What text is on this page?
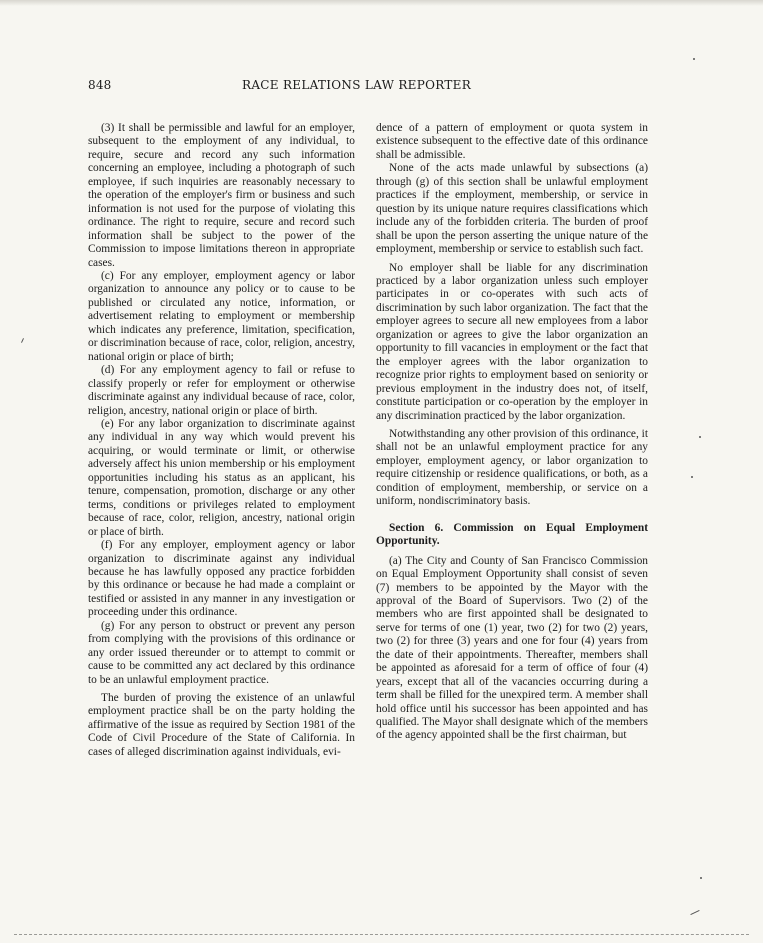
848	RACE RELATIONS LAW REPORTER

(3) It shall be permissible and lawful for an employer, subsequent to the employment of any individual, to require, secure and record any such information concerning an employee, including a photograph of such employee, if such inquiries are reasonably necessary to the operation of the employer's firm or business and such information is not used for the purpose of violating this ordinance. The right to require, secure and record such information shall be subject to the power of the Commission to impose limitations thereon in appropriate cases.

(c) For any employer, employment agency or labor organization to announce any policy or to cause to be published or circulated any notice, information, or advertisement relating to employment or membership which indicates any preference, limitation, specification, or discrimination because of race, color, religion, ancestry, national origin or place of birth;

(d) For any employment agency to fail or refuse to classify properly or refer for employment or otherwise discriminate against any individual because of race, color, religion, ancestry, national origin or place of birth.

(e) For any labor organization to discriminate against any individual in any way which would prevent his acquiring, or would terminate or limit, or otherwise adversely affect his union membership or his employment opportunities including his status as an applicant, his tenure, compensation, promotion, discharge or any other terms, conditions or privileges related to employment because of race, color, religion, ancestry, national origin or place of birth.

(f) For any employer, employment agency or labor organization to discriminate against any individual because he has lawfully opposed any practice forbidden by this ordinance or because he had made a complaint or testified or assisted in any manner in any investigation or proceeding under this ordinance.

(g) For any person to obstruct or prevent any person from complying with the provisions of this ordinance or any order issued thereunder or to attempt to commit or cause to be committed any act declared by this ordinance to be an unlawful employment practice.

The burden of proving the existence of an unlawful employment practice shall be on the party holding the affirmative of the issue as required by Section 1981 of the Code of Civil Procedure of the State of California. In cases of alleged discrimination against individuals, evi-

dence of a pattern of employment or quota system in existence subsequent to the effective date of this ordinance shall be admissible.

None of the acts made unlawful by subsections (a) through (g) of this section shall be unlawful employment practices if the employment, membership, or service in question by its unique nature requires classifications which include any of the forbidden criteria. The burden of proof shall be upon the person asserting the unique nature of the employment, membership or service to establish such fact.

No employer shall be liable for any discrimination practiced by a labor organization unless such employer participates in or co-operates with such acts of discrimination by such labor organization. The fact that the employer agrees to secure all new employees from a labor organization or agrees to give the labor organization an opportunity to fill vacancies in employment or the fact that the employer agrees with the labor organization to recognize prior rights to employment based on seniority or previous employment in the industry does not, of itself, constitute participation or co-operation by the employer in any discrimination practiced by the labor organization.

Notwithstanding any other provision of this ordinance, it shall not be an unlawful employment practice for any employer, employment agency, or labor organization to require citizenship or residence qualifications, or both, as a condition of employment, membership, or service on a uniform, nondiscriminatory basis.

Section 6. Commission on Equal Employment Opportunity.

(a) The City and County of San Francisco Commission on Equal Employment Opportunity shall consist of seven (7) members to be appointed by the Mayor with the approval of the Board of Supervisors. Two (2) of the members who are first appointed shall be designated to serve for terms of one (1) year, two (2) for two (2) years, two (2) for three (3) years and one for four (4) years from the date of their appointments. Thereafter, members shall be appointed as aforesaid for a term of office of four (4) years, except that all of the vacancies occurring during a term shall be filled for the unexpired term. A member shall hold office until his successor has been appointed and has qualified. The Mayor shall designate which of the members of the agency appointed shall be the first chairman, but
